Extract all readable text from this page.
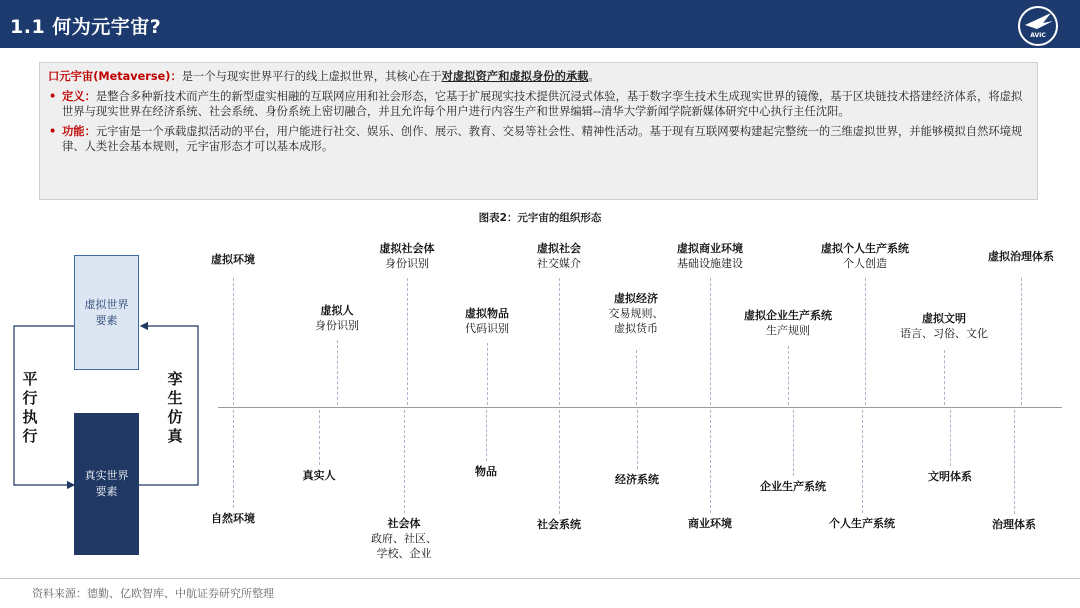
1.1 何为元宇宙?	AVIC
口元宇宙(Metaverse)：是一个与现实世界平行的线上虚拟世界，其核心在于对虚拟资产和虚拟身份的承载。
• 定义：是整合多种新技术而产生的新型虚实相融的互联网应用和社会形态，它基于扩展现实技术提供沉浸式体验，基于数字孪生技术生成现实世界的镜像，基于区块链技术搭建经济体系，将虚拟世界与现实世界在经济系统、社会系统、身份系统上密切融合，并且允许每个用户进行内容生产和世界编辑--清华大学新闻学院新媒体研究中心执行主任沈阳。
• 功能：元宇宙是一个承载虚拟活动的平台，用户能进行社交、娱乐、创作、展示、教育、交易等社会性、精神性活动。基于现有互联网要构建起完整统一的三维虚拟世界，并能够模拟自然环境规律、人类社会基本规则，元宇宙形态才可以基本成形。
图表2：元宇宙的组织形态
虚拟世界
要素
真实世界
要素
平
行
执
行
孪
生
仿
真
虚拟环境
虚拟人
身份识别
虚拟社会体
身份识别
虚拟物品
代码识别
虚拟社会
社交媒介
虚拟经济
交易规则、
虚拟货币
虚拟商业环境
基础设施建设
虚拟企业生产系统
生产规则
虚拟个人生产系统
个人创造
虚拟文明
语言、习俗、文化
虚拟治理体系
自然环境
真实人
社会体
政府、社区、
学校、企业
物品
社会系统
经济系统
商业环境
企业生产系统
个人生产系统
文明体系
治理体系
资料来源：德勤、亿欧智库、中航证券研究所整理
